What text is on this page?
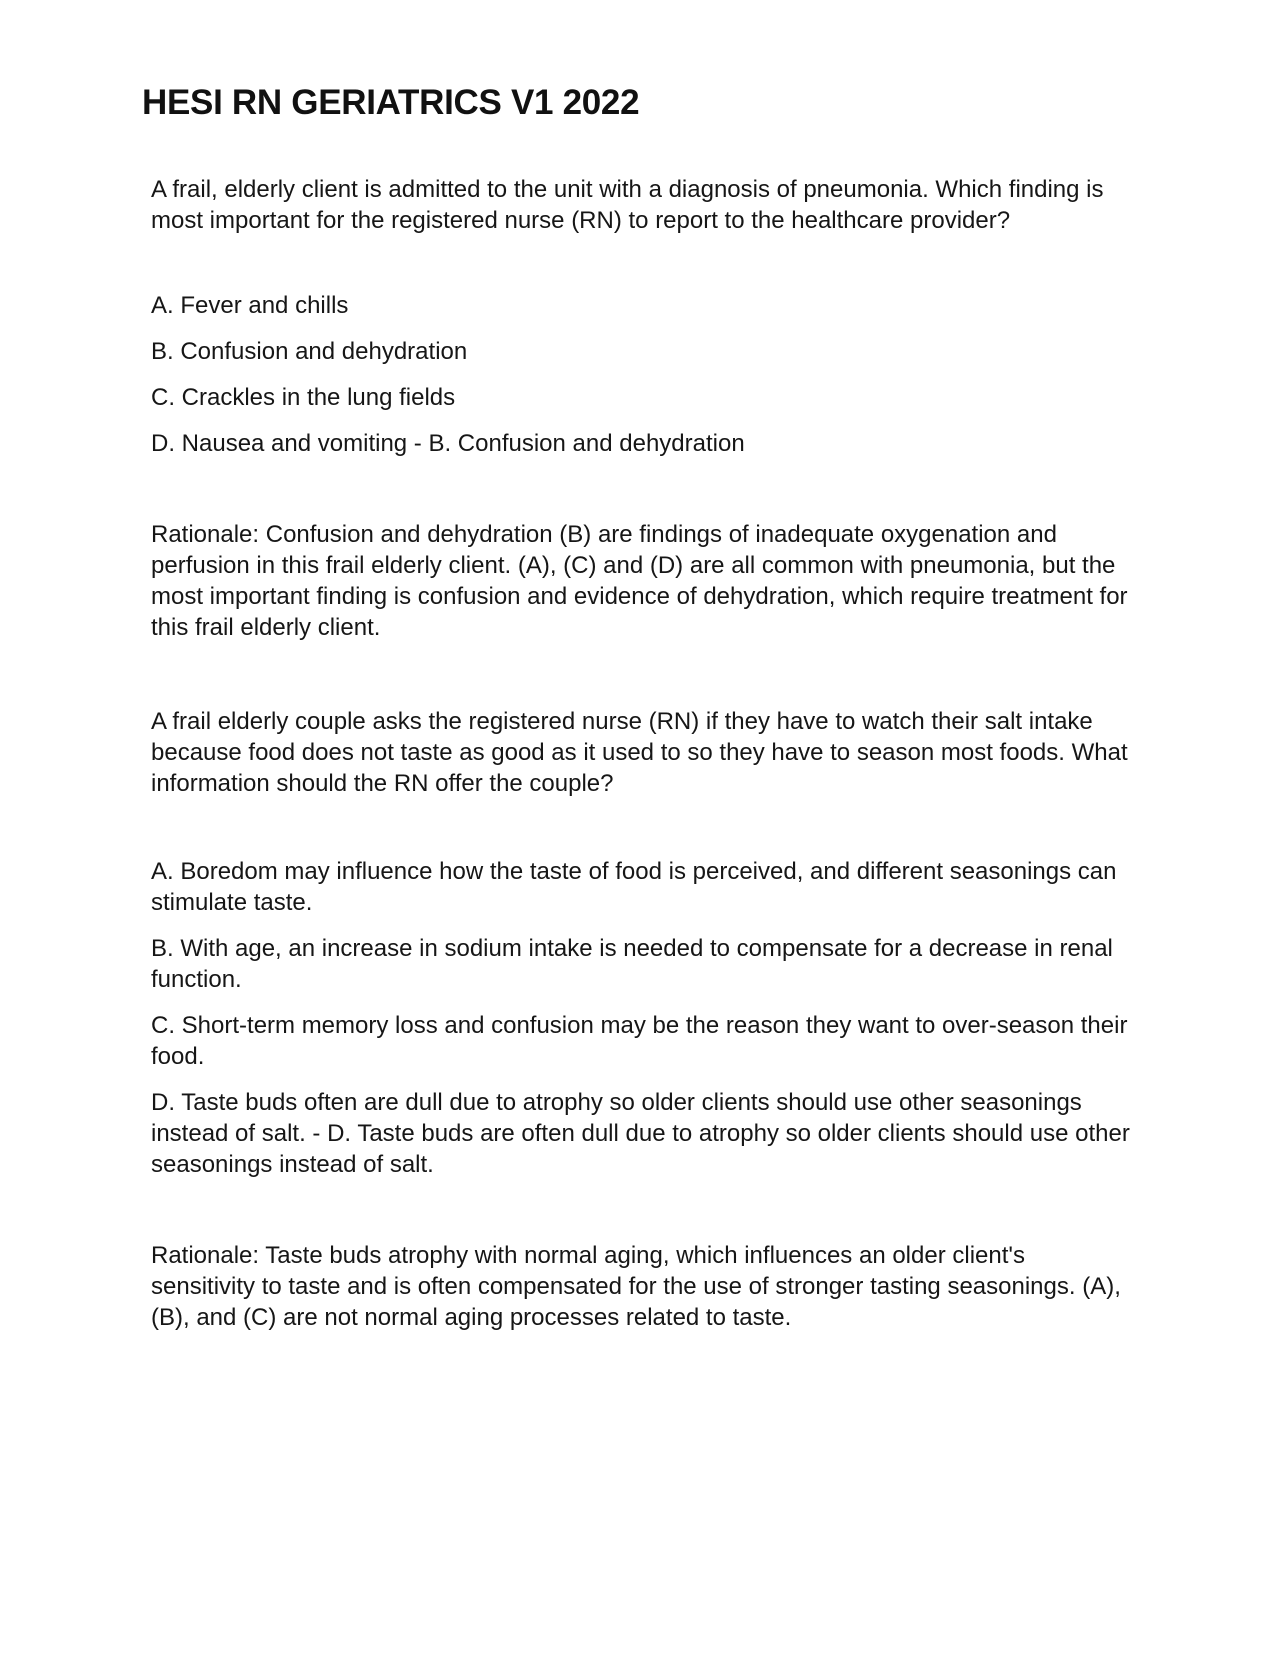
HESI RN GERIATRICS V1 2022

A frail, elderly client is admitted to the unit with a diagnosis of pneumonia. Which finding is most important for the registered nurse (RN) to report to the healthcare provider?

A. Fever and chills

B. Confusion and dehydration

C. Crackles in the lung fields

D. Nausea and vomiting - B. Confusion and dehydration

Rationale: Confusion and dehydration (B) are findings of inadequate oxygenation and perfusion in this frail elderly client. (A), (C) and (D) are all common with pneumonia, but the most important finding is confusion and evidence of dehydration, which require treatment for this frail elderly client.

A frail elderly couple asks the registered nurse (RN) if they have to watch their salt intake because food does not taste as good as it used to so they have to season most foods. What information should the RN offer the couple?

A. Boredom may influence how the taste of food is perceived, and different seasonings can stimulate taste.

B. With age, an increase in sodium intake is needed to compensate for a decrease in renal function.

C. Short-term memory loss and confusion may be the reason they want to over-season their food.

D. Taste buds often are dull due to atrophy so older clients should use other seasonings instead of salt. - D. Taste buds are often dull due to atrophy so older clients should use other seasonings instead of salt.

Rationale: Taste buds atrophy with normal aging, which influences an older client's sensitivity to taste and is often compensated for the use of stronger tasting seasonings. (A), (B), and (C) are not normal aging processes related to taste.
